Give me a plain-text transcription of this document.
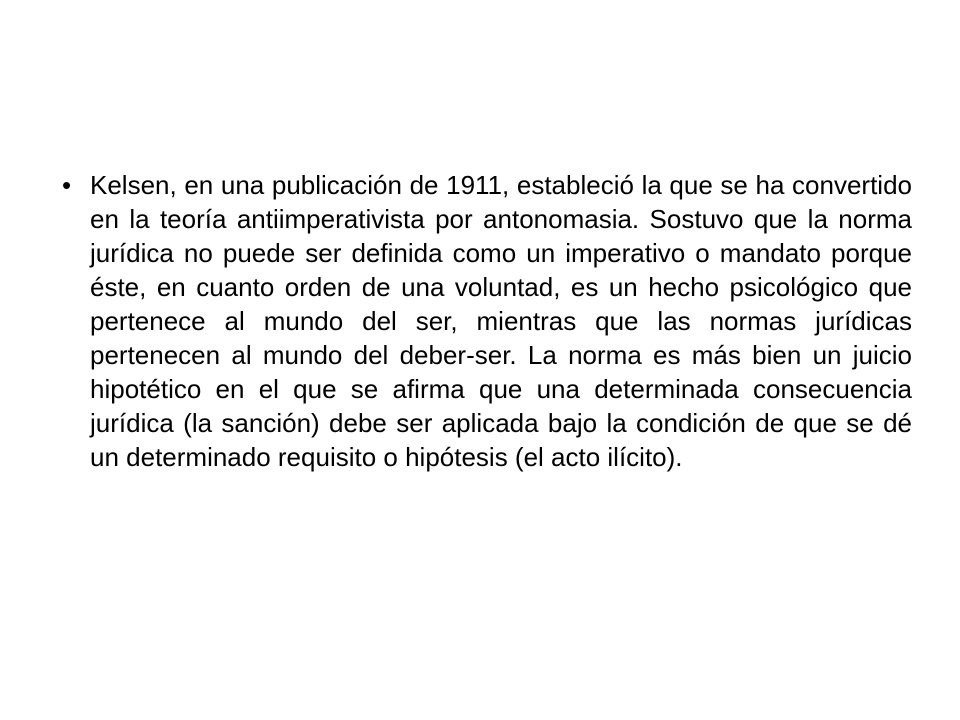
• Kelsen, en una publicación de 1911, estableció la que se ha convertido en la teoría antiimperativista por antonomasia. Sostuvo que la norma jurídica no puede ser definida como un imperativo o mandato porque éste, en cuanto orden de una voluntad, es un hecho psicológico que pertenece al mundo del ser, mientras que las normas jurídicas pertenecen al mundo del deber-ser. La norma es más bien un juicio hipotético en el que se afirma que una determinada consecuencia jurídica (la sanción) debe ser aplicada bajo la condición de que se dé un determinado requisito o hipótesis (el acto ilícito).
